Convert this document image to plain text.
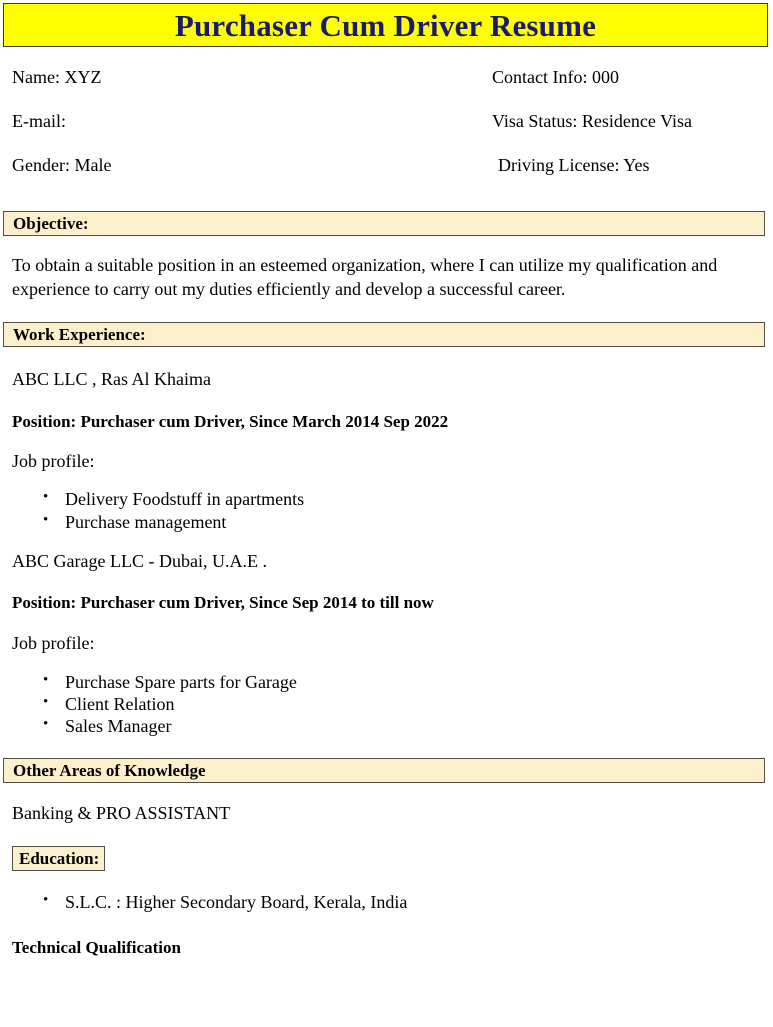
Purchaser Cum Driver Resume
Name: XYZ	Contact Info: 000
E-mail:	Visa Status: Residence Visa
Gender: Male	Driving License: Yes
Objective:
To obtain a suitable position in an esteemed organization, where I can utilize my qualification and experience to carry out my duties efficiently and develop a successful career.
Work Experience:
ABC LLC , Ras Al Khaima
Position: Purchaser cum Driver, Since March 2014 Sep 2022
Job profile:
• Delivery Foodstuff in apartments
• Purchase management
ABC Garage LLC - Dubai, U.A.E .
Position: Purchaser cum Driver, Since Sep 2014 to till now
Job profile:
• Purchase Spare parts for Garage
• Client Relation
• Sales Manager
Other Areas of Knowledge
Banking & PRO ASSISTANT
Education:
• S.L.C. : Higher Secondary Board, Kerala, India
Technical Qualification
